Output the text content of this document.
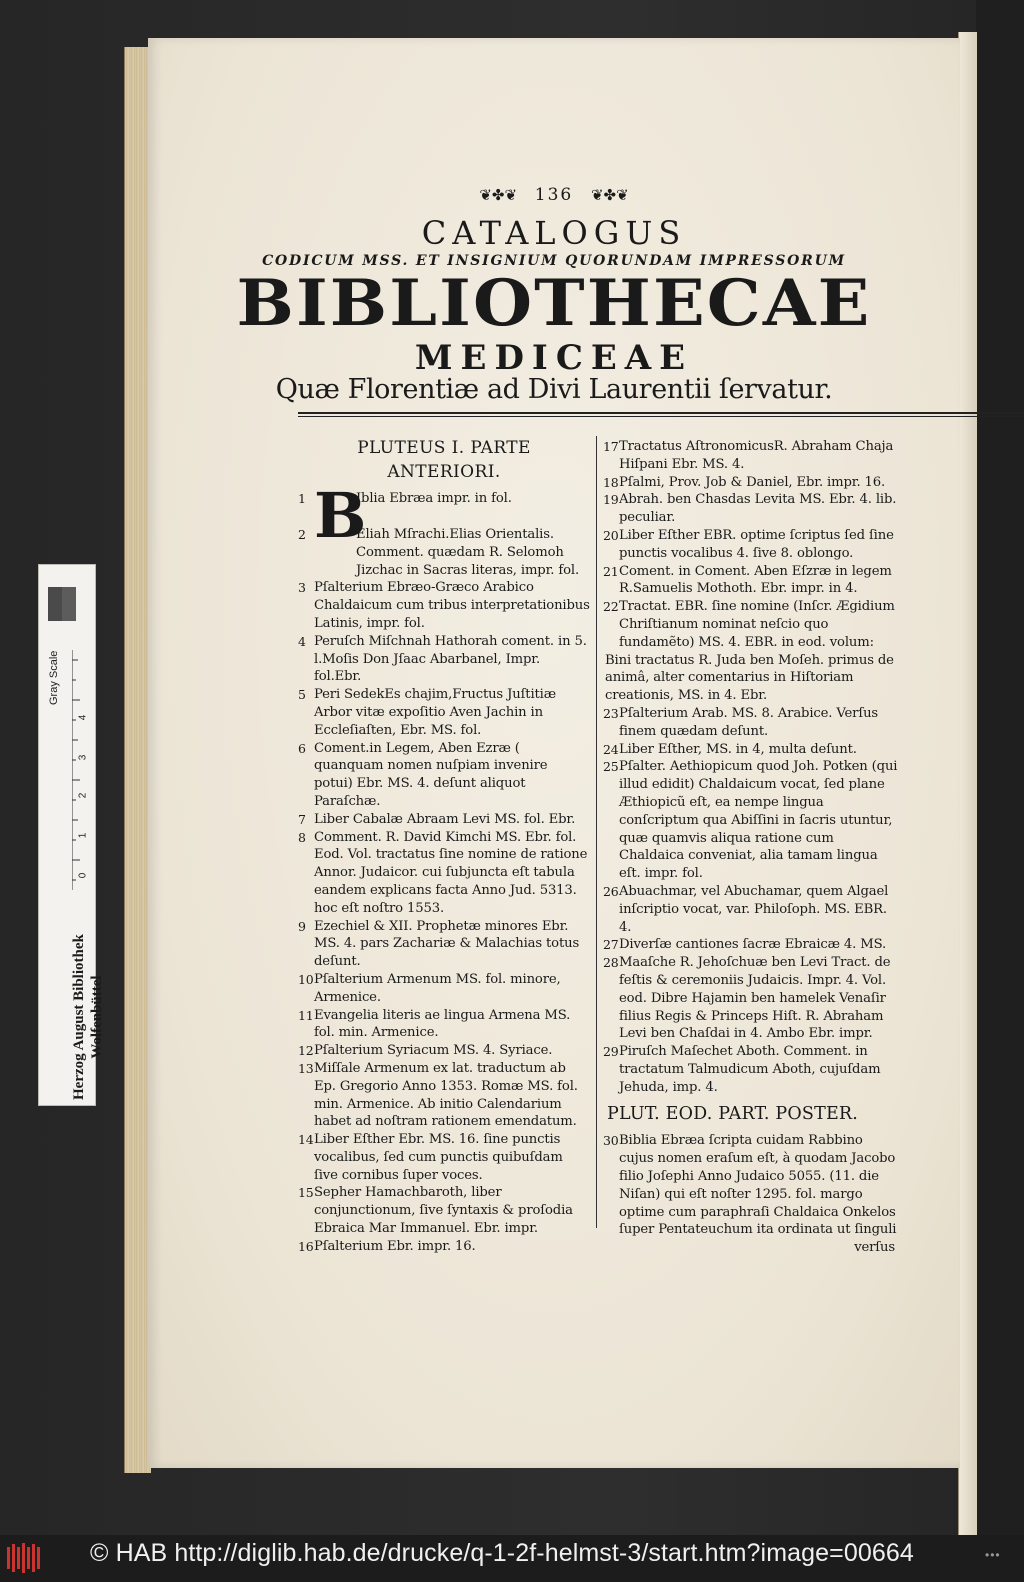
❦✤❦ 136 ❦✤❦
CATALOGUS
CODICUM MSS. ET INSIGNIUM QUORUNDAM IMPRESSORUM
BIBLIOTHECAE
MEDICEAE
Quæ Florentiæ ad Divi Laurentii ſervatur.
PLUTEUS I. PARTE ANTERIORI.
1 B
Iblia Ebræa impr. in fol.
2	Eliah Mſrachi.Elias Orientalis. Comment. quædam R. Selomoh Jizchac in Sacras literas, impr. fol.
3 Pſalterium Ebræo-Græco Arabico Chaldaicum cum tribus interpretationibus Latinis, impr. fol.
4 Peruſch Miſchnah Hathorah coment. in 5. l.Moſis Don Jſaac Abarbanel, Impr. fol.Ebr.
5 Peri SedekEs chajim,Fructus Juſtitiæ Arbor vitæ expoſitio Aven Jachin in Eccleſiaſten, Ebr. MS. fol.
6 Coment.in Legem, Aben Ezræ ( quanquam nomen nuſpiam invenire potui) Ebr. MS. 4. deſunt aliquot Paraſchæ.
7 Liber Cabalæ Abraam Levi MS. fol. Ebr.
8 Comment. R. David Kimchi MS. Ebr. fol. Eod. Vol. tractatus ſine nomine de ratione Annor. Judaicor. cui ſubjuncta eſt tabula eandem explicans facta Anno Jud. 5313. hoc eſt noſtro 1553.
9 Ezechiel & XII. Prophetæ minores Ebr. MS. 4. pars Zachariæ & Malachias totus deſunt.
10 Pſalterium Armenum MS. fol. minore, Armenice.
11 Evangelia literis ae lingua Armena MS. fol. min. Armenice.
12 Pſalterium Syriacum MS. 4. Syriace.
13 Miſſale Armenum ex lat. traductum ab Ep. Gregorio Anno 1353. Romæ MS. fol. min. Armenice. Ab initio Calendarium habet ad noſtram rationem emendatum.
14 Liber Eſther Ebr. MS. 16. ſine punctis vocalibus, ſed cum punctis quibuſdam ſive cornibus ſuper voces.
15 Sepher Hamachbaroth, liber conjunctionum, ſive ſyntaxis & proſodia Ebraica Mar Immanuel. Ebr. impr.
16 Pſalterium Ebr. impr. 16.
17 Tractatus AſtronomicusR. Abraham Chaja Hiſpani Ebr. MS. 4.
18 Pſalmi, Prov. Job & Daniel, Ebr. impr. 16.
19 Abrah. ben Chasdas Levita MS. Ebr. 4. lib. peculiar.
20 Liber Eſther EBR. optime ſcriptus ſed ſine punctis vocalibus 4. ſive 8. oblongo.
21 Coment. in Coment. Aben Eſzræ in legem R.Samuelis Mothoth. Ebr. impr. in 4.
22 Tractat. EBR. ſine nomine (Inſcr. Ægidium Chriſtianum nominat neſcio quo fundamẽto) MS. 4. EBR. in eod. volum:
Bini tractatus R. Juda ben Moſeh. primus de animâ, alter comentarius in Hiſtoriam creationis, MS. in 4. Ebr.
23 Pſalterium Arab. MS. 8. Arabice. Verſus finem quædam deſunt.
24 Liber Eſther, MS. in 4, multa deſunt.
25 Pſalter. Aethiopicum quod Joh. Potken (qui illud edidit) Chaldaicum vocat, ſed plane Æthiopicũ eſt, ea nempe lingua conſcriptum qua Abiſſini in ſacris utuntur, quæ quamvis aliqua ratione cum Chaldaica conveniat, alia tamam lingua eſt. impr. fol.
26 Abuachmar, vel Abuchamar, quem Algael inſcriptio vocat, var. Philoſoph. MS. EBR. 4.
27 Diverſæ cantiones ſacræ Ebraicæ 4. MS.
28 Maaſche R. Jehoſchuæ ben Levi Tract. de feſtis & ceremoniis Judaicis. Impr. 4. Vol. eod. Dibre Hajamin ben hamelek Venaſir filius Regis & Princeps Hiſt. R. Abraham Levi ben Chaſdai in 4. Ambo Ebr. impr.
29 Piruſch Maſechet Aboth. Comment. in tractatum Talmudicum Aboth, cujuſdam Jehuda, imp. 4.
PLUT. EOD. PART. POSTER.
30 Biblia Ebræa ſcripta cuidam Rabbino cujus nomen eraſum eſt, à quodam Jacobo filio Joſephi Anno Judaico 5055. (11. die Niſan) qui eſt noſter 1295. fol. margo optime cum paraphraſi Chaldaica Onkelos ſuper Pentateuchum ita ordinata ut ſinguli
verſus
Gray Scale
0
1
2
3
4
Herzog August Bibliothek Wolfenbüttel
© HAB http://diglib.hab.de/drucke/q-1-2f-helmst-3/start.htm?image=00664	•••
